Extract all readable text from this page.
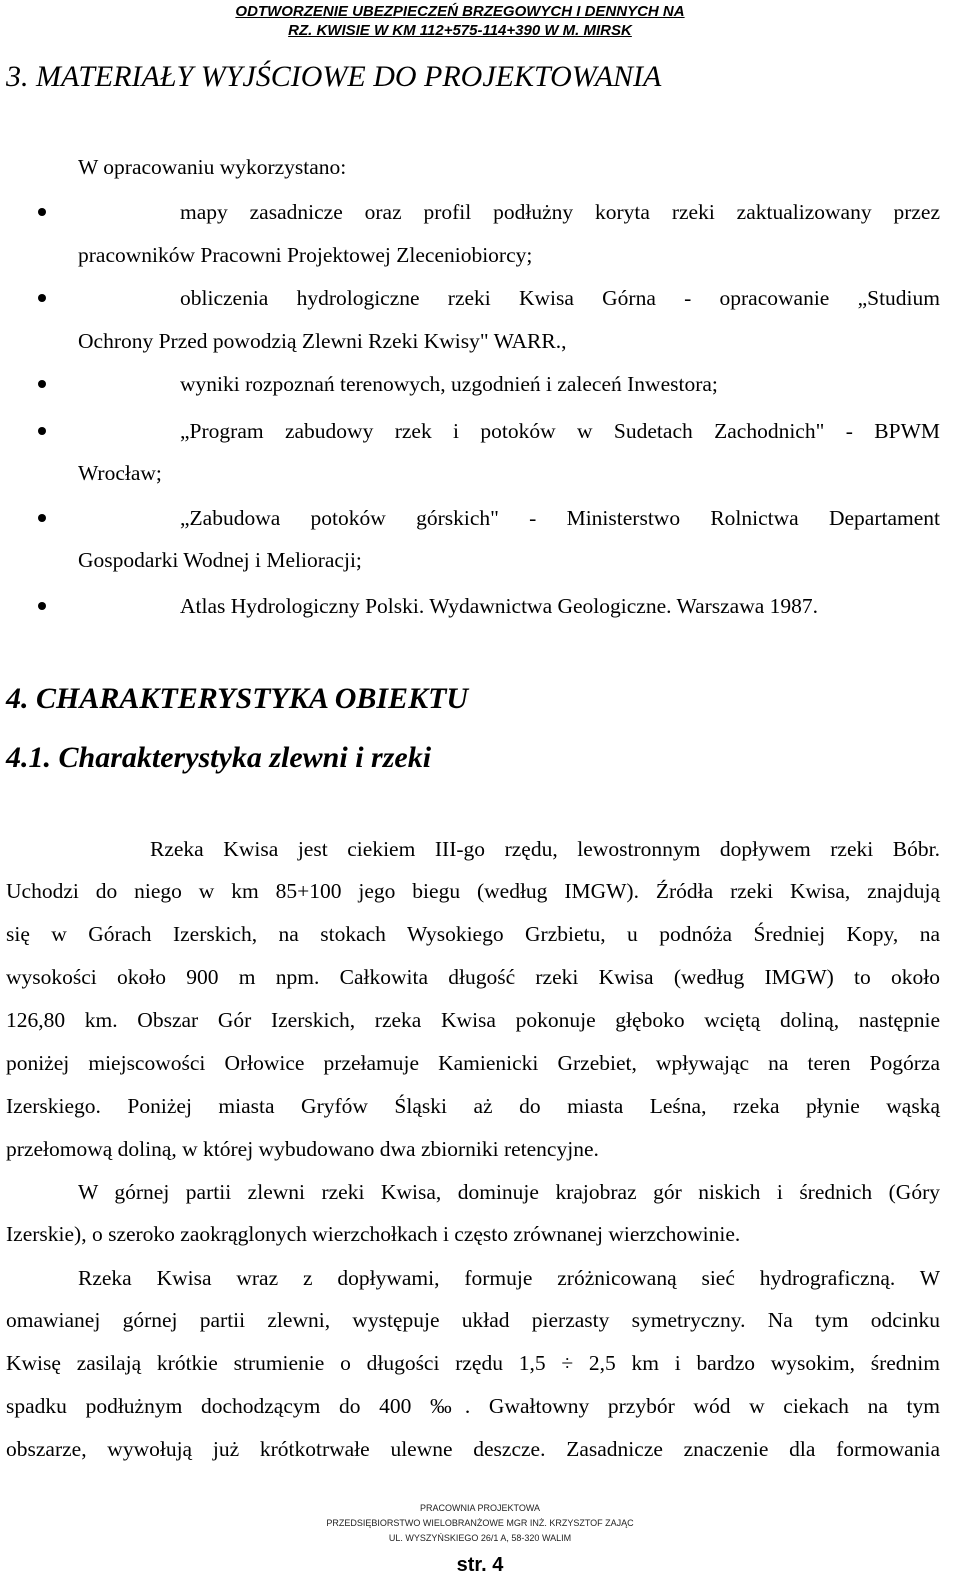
ODTWORZENIE UBEZPIECZEŃ BRZEGOWYCH I DENNYCH NA
RZ. KWISIE W KM 112+575-114+390 W M. MIRSK
3. MATERIAŁY WYJŚCIOWE DO PROJEKTOWANIA
W opracowaniu wykorzystano:
mapy zasadnicze oraz profil podłużny koryta rzeki zaktualizowany przez
pracowników Pracowni Projektowej Zleceniobiorcy;
obliczenia hydrologiczne rzeki Kwisa Górna - opracowanie „Studium
Ochrony Przed powodzią Zlewni Rzeki Kwisy" WARR.,
wyniki rozpoznań terenowych, uzgodnień i zaleceń Inwestora;
„Program zabudowy rzek i potoków w Sudetach Zachodnich" - BPWM
Wrocław;
„Zabudowa potoków górskich" - Ministerstwo Rolnictwa Departament
Gospodarki Wodnej i Melioracji;
Atlas Hydrologiczny Polski. Wydawnictwa Geologiczne. Warszawa 1987.
4. CHARAKTERYSTYKA OBIEKTU
4.1. Charakterystyka zlewni i rzeki
Rzeka Kwisa jest ciekiem III-go rzędu, lewostronnym dopływem rzeki Bóbr.
Uchodzi do niego w km 85+100 jego biegu (według IMGW). Źródła rzeki Kwisa, znajdują
się w Górach Izerskich, na stokach Wysokiego Grzbietu, u podnóża Średniej Kopy, na
wysokości około 900 m npm. Całkowita długość rzeki Kwisa (według IMGW) to około
126,80 km. Obszar Gór Izerskich, rzeka Kwisa pokonuje głęboko wciętą doliną, następnie
poniżej miejscowości Orłowice przełamuje Kamienicki Grzebiet, wpływając na teren Pogórza
Izerskiego. Poniżej miasta Gryfów Śląski aż do miasta Leśna, rzeka płynie wąską
przełomową doliną, w której wybudowano dwa zbiorniki retencyjne.
W górnej partii zlewni rzeki Kwisa, dominuje krajobraz gór niskich i średnich (Góry
Izerskie), o szeroko zaokrąglonych wierzchołkach i często zrównanej wierzchowinie.
Rzeka Kwisa wraz z dopływami, formuje zróżnicowaną sieć hydrograficzną. W
omawianej górnej partii zlewni, występuje układ pierzasty symetryczny. Na tym odcinku
Kwisę zasilają krótkie strumienie o długości rzędu 1,5 ÷ 2,5 km i bardzo wysokim, średnim
spadku podłużnym dochodzącym do 400 ‰. Gwałtowny przybór wód w ciekach na tym
obszarze, wywołują już krótkotrwałe ulewne deszcze. Zasadnicze znaczenie dla formowania
PRACOWNIA PROJEKTOWA
PRZEDSIĘBIORSTWO WIELOBRANŻOWE MGR INŻ. KRZYSZTOF ZAJĄC
UL. WYSZYŃSKIEGO 26/1 A, 58-320 WALIM
str. 4
